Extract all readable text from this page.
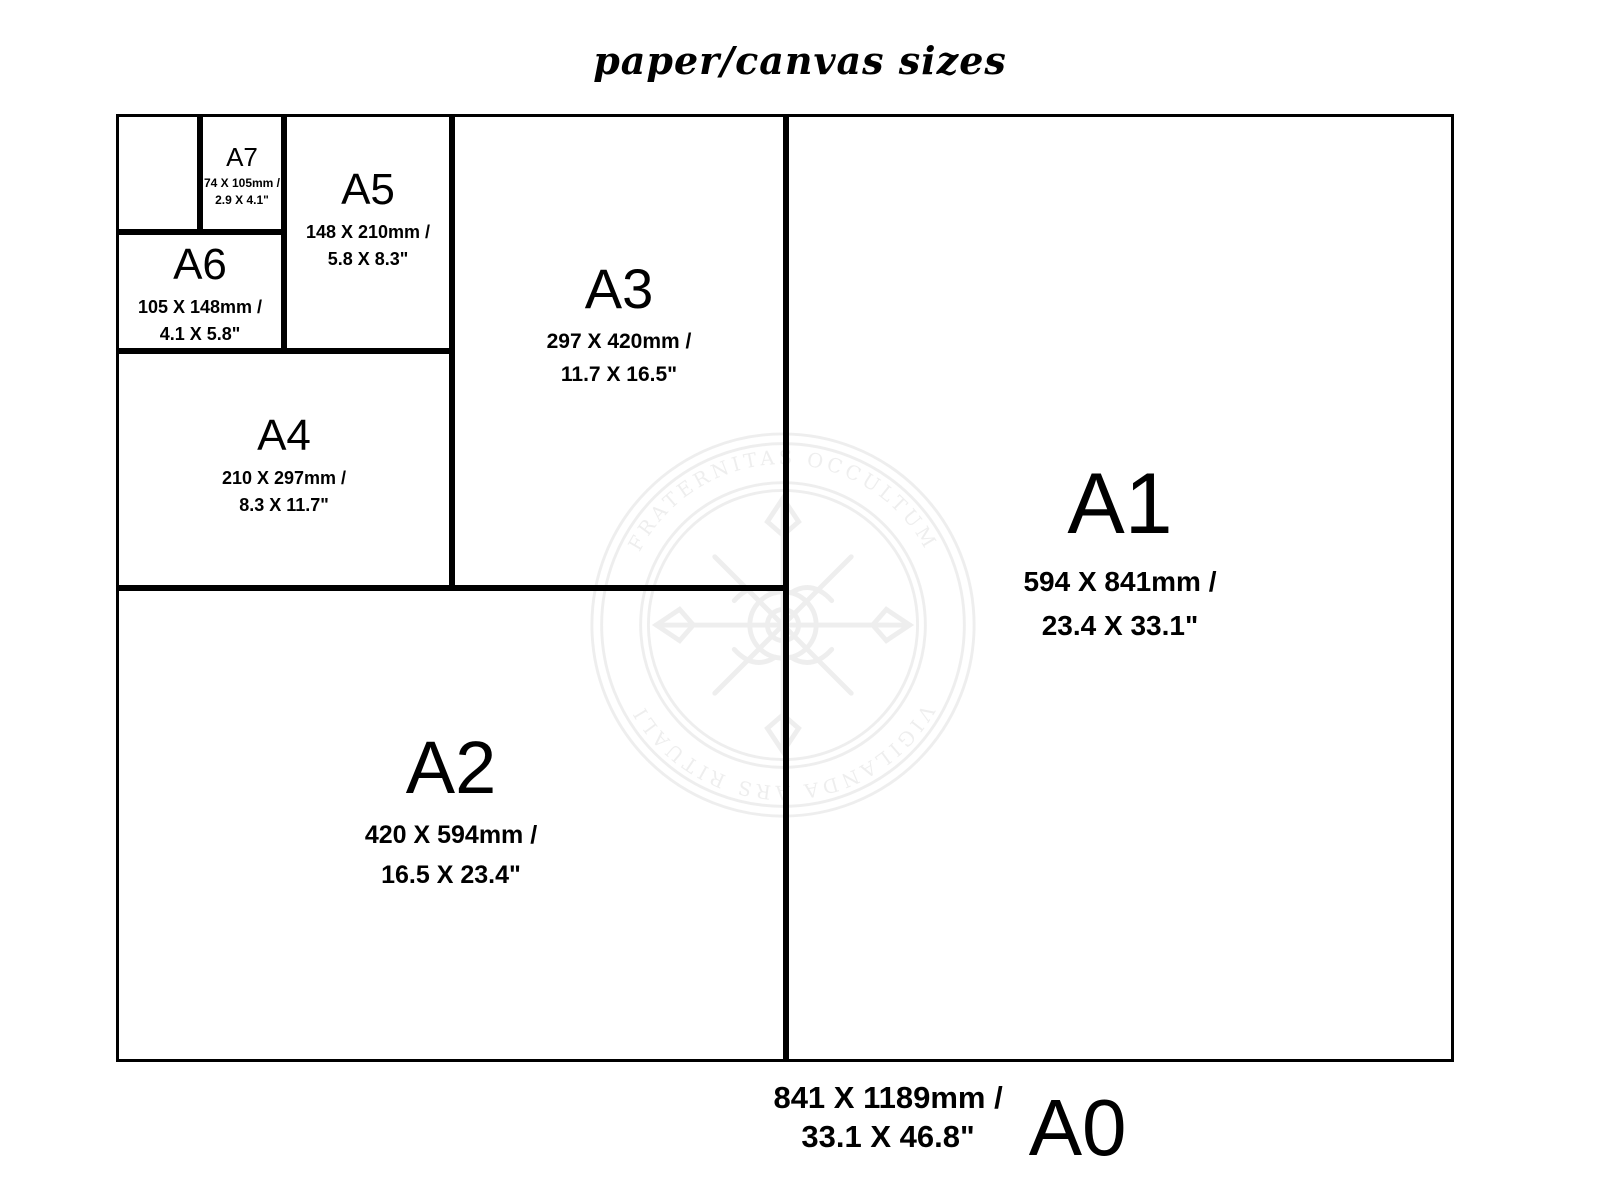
paper/canvas sizes
FRATERNITAS OCCULTUM
VIGILANDA ARS RITUALI
A1
594 X 841mm /
23.4 X 33.1"
A2
420 X 594mm /
16.5 X 23.4"
A3
297 X 420mm /
11.7 X 16.5"
A4
210 X 297mm /
8.3 X 11.7"
A5
148 X 210mm /
5.8 X 8.3"
A6
105 X 148mm /
4.1 X 5.8"
A7
74 X 105mm /
2.9 X 4.1"
841 X 1189mm /
33.1 X 46.8" A0
